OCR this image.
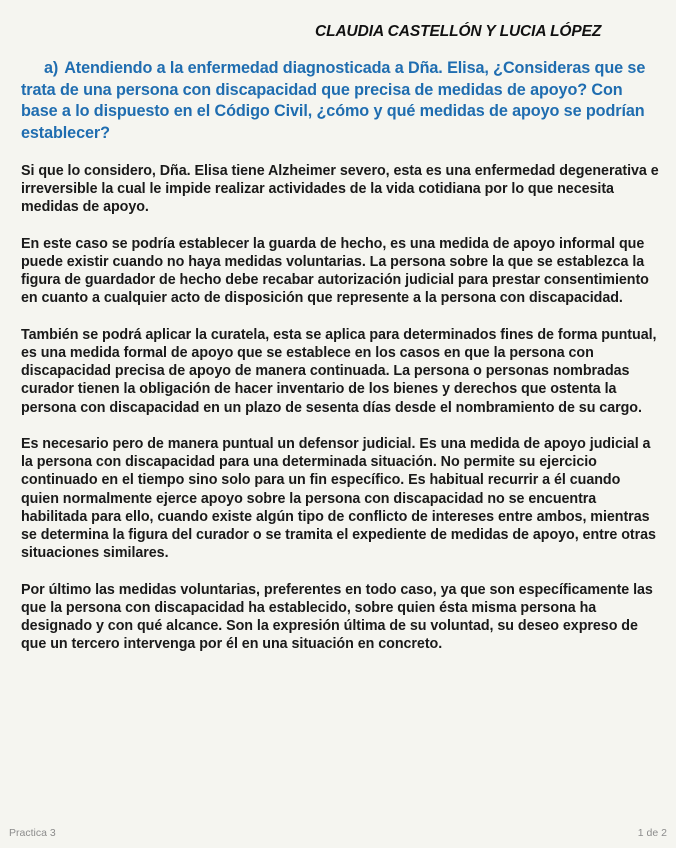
CLAUDIA CASTELLÓN Y LUCIA LÓPEZ
a) Atendiendo a la enfermedad diagnosticada a Dña. Elisa, ¿Consideras que se trata de una persona con discapacidad que precisa de medidas de apoyo? Con base a lo dispuesto en el Código Civil, ¿cómo y qué medidas de apoyo se podrían establecer?

Si que lo considero, Dña. Elisa tiene Alzheimer severo, esta es una enfermedad degenerativa e irreversible la cual le impide realizar actividades de la vida cotidiana por lo que necesita medidas de apoyo.

En este caso se podría establecer la guarda de hecho, es una medida de apoyo informal que puede existir cuando no haya medidas voluntarias. La persona sobre la que se establezca la figura de guardador de hecho debe recabar autorización judicial para prestar consentimiento en cuanto a cualquier acto de disposición que represente a la persona con discapacidad.

También se podrá aplicar la curatela, esta se aplica para determinados fines de forma puntual, es una medida formal de apoyo que se establece en los casos en que la persona con discapacidad precisa de apoyo de manera continuada. La persona o personas nombradas curador tienen la obligación de hacer inventario de los bienes y derechos que ostenta la persona con discapacidad en un plazo de sesenta días desde el nombramiento de su cargo.

Es necesario pero de manera puntual un defensor judicial. Es una medida de apoyo judicial a la persona con discapacidad para una determinada situación. No permite su ejercicio continuado en el tiempo sino solo para un fin específico. Es habitual recurrir a él cuando quien normalmente ejerce apoyo sobre la persona con discapacidad no se encuentra habilitada para ello, cuando existe algún tipo de conflicto de intereses entre ambos, mientras se determina la figura del curador o se tramita el expediente de medidas de apoyo, entre otras situaciones similares.

Por último las medidas voluntarias, preferentes en todo caso, ya que son específicamente las que la persona con discapacidad ha establecido, sobre quien ésta misma persona ha designado y con qué alcance. Son la expresión última de su voluntad, su deseo expreso de que un tercero intervenga por él en una situación en concreto.

Practica 3	1 de 2
